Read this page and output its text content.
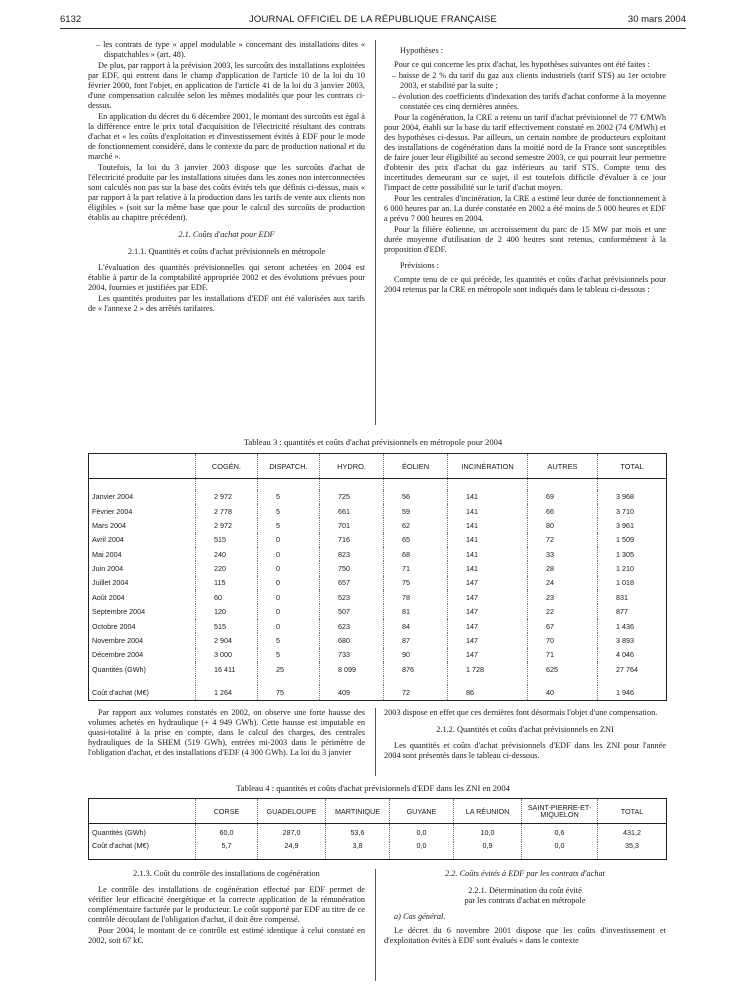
6132	JOURNAL OFFICIEL DE LA RÉPUBLIQUE FRANÇAISE	30 mars 2004

– les contrats de type « appel modulable » concernant des installations dites « dispatchables » (art. 48).

De plus, par rapport à la prévision 2003, les surcoûts des installations exploitées par EDF, qui entrent dans le champ d'application de l'article 10 de la loi du 10 février 2000, font l'objet, en application de l'article 41 de la loi du 3 janvier 2003, d'une compensation calculée selon les mêmes modalités que pour les contrats ci-dessus.

En application du décret du 6 décembre 2001, le montant des surcoûts est égal à la différence entre le prix total d'acquisition de l'électricité résultant des contrats d'achat et « les coûts d'exploitation et d'investissement évités à EDF pour le mode de fonctionnement considéré, dans le contexte du parc de production national et du marché ».

Toutefois, la loi du 3 janvier 2003 dispose que les surcoûts d'achat de l'électricité produite par les installations situées dans les zones non interconnectées sont calculés non pas sur la base des coûts évités tels que définis ci-dessus, mais « par rapport à la part relative à la production dans les tarifs de vente aux clients non éligibles » (soit sur la même base que pour le calcul des surcoûts de production établis au chapitre précédent).

2.1. Coûts d'achat pour EDF

2.1.1. Quantités et coûts d'achat prévisionnels en métropole

L'évaluation des quantités prévisionnelles qui seront achetées en 2004 est établie à partir de la comptabilité appropriée 2002 et des évolutions prévues pour 2004, fournies et justifiées par EDF.

Les quantités produites par les installations d'EDF ont été valorisées aux tarifs de « l'annexe 2 » des arrêtés tarifaires.

Hypothèses :

Pour ce qui concerne les prix d'achat, les hypothèses suivantes ont été faites :

– baisse de 2 % du tarif du gaz aux clients industriels (tarif STS) au 1er octobre 2003, et stabilité par la suite ;

– évolution des coefficients d'indexation des tarifs d'achat conforme à la moyenne constatée ces cinq dernières années.

Pour la cogénération, la CRE a retenu un tarif d'achat prévisionnel de 77 €/MWh pour 2004, établi sur la base du tarif effectivement constaté en 2002 (74 €/MWh) et des hypothèses ci-dessus. Par ailleurs, un certain nombre de producteurs exploitant des installations de cogénération dans la moitié nord de la France sont susceptibles de faire jouer leur éligibilité au second semestre 2003, ce qui pourrait leur permettre d'obtenir des prix d'achat du gaz inférieurs au tarif STS. Compte tenu des incertitudes demeurant sur ce sujet, il est toutefois difficile d'évaluer à ce jour l'impact de cette possibilité sur le tarif d'achat moyen.

Pour les centrales d'incinération, la CRE a estimé leur durée de fonctionnement à 6 000 heures par an. La durée constatée en 2002 a été moins de 5 000 heures et EDF a prévu 7 000 heures en 2004.

Pour la filière éolienne, un accroissement du parc de 15 MW par mois et une durée moyenne d'utilisation de 2 400 heures sont retenus, conformément à la proposition d'EDF.

Prévisions :

Compte tenu de ce qui précède, les quantités et coûts d'achat prévisionnels pour 2004 retenus par la CRE en métropole sont indiqués dans le tableau ci-dessous :

Tableau 3 : quantités et coûts d'achat prévisionnels en métropole pour 2004
	COGÉN.	DISPATCH.	HYDRO.	ÉOLIEN	INCINÉRATION	AUTRES	TOTAL

Janvier 2004	2 972	5	725	56	141	69	3 968
Février 2004	2 778	5	661	59	141	66	3 710
Mars 2004	2 972	5	701	62	141	80	3 961
Avril 2004	515	0	716	65	141	72	1 509
Mai 2004	240	0	823	68	141	33	1 305
Juin 2004	220	0	750	71	141	28	1 210
Juillet 2004	115	0	657	75	147	24	1 018
Août 2004	60	0	523	78	147	23	831
Septembre 2004	120	0	507	81	147	22	877
Octobre 2004	515	0	623	84	147	67	1 436
Novembre 2004	2 904	5	680	87	147	70	3 893
Décembre 2004	3 000	5	733	90	147	71	4 046
Quantités (GWh)	16 411	25	8 099	876	1 728	625	27 764

Coût d'achat (M€)	1 264	75	409	72	86	40	1 946

Par rapport aux volumes constatés en 2002, on observe une forte hausse des volumes achetés en hydraulique (+ 4 949 GWh). Cette hausse est imputable en quasi-totalité à la prise en compte, dans le calcul des charges, des centrales hydrauliques de la SHEM (519 GWh), entrées mi-2003 dans le périmètre de l'obligation d'achat, et des installations d'EDF (4 300 GWh). La loi du 3 janvier

2003 dispose en effet que ces dernières font désormais l'objet d'une compensation.

2.1.2. Quantités et coûts d'achat prévisionnels en ZNI

Les quantités et coûts d'achat prévisionnels d'EDF dans les ZNI pour l'année 2004 sont présentés dans le tableau ci-dessous.

Tableau 4 : quantités et coûts d'achat prévisionnels d'EDF dans les ZNI en 2004
	CORSE	GUADELOUPE	MARTINIQUE	GUYANE	LA RÉUNION	SAINT-PIERRE-ET-MIQUELON	TOTAL
Quantités (GWh)	60,0	287,0	53,6	0,0	10,0	0,6	431,2
Coût d'achat (M€)	5,7	24,9	3,8	0,0	0,9	0,0	35,3

2.1.3. Coût du contrôle des installations de cogénération

Le contrôle des installations de cogénération effectué par EDF permet de vérifier leur efficacité énergétique et la correcte application de la rémunération complémentaire facturée par le producteur. Le coût supporté par EDF au titre de ce contrôle découlant de l'obligation d'achat, il doit être compensé.

Pour 2004, le montant de ce contrôle est estimé identique à celui constaté en 2002, soit 67 k€.

2.2. Coûts évités à EDF par les contrats d'achat

2.2.1. Détermination du coût évité

par les contrats d'achat en métropole

a) Cas général.

Le décret du 6 novembre 2001 dispose que les coûts d'investissement et d'exploitation évités à EDF sont évalués « dans le contexte
